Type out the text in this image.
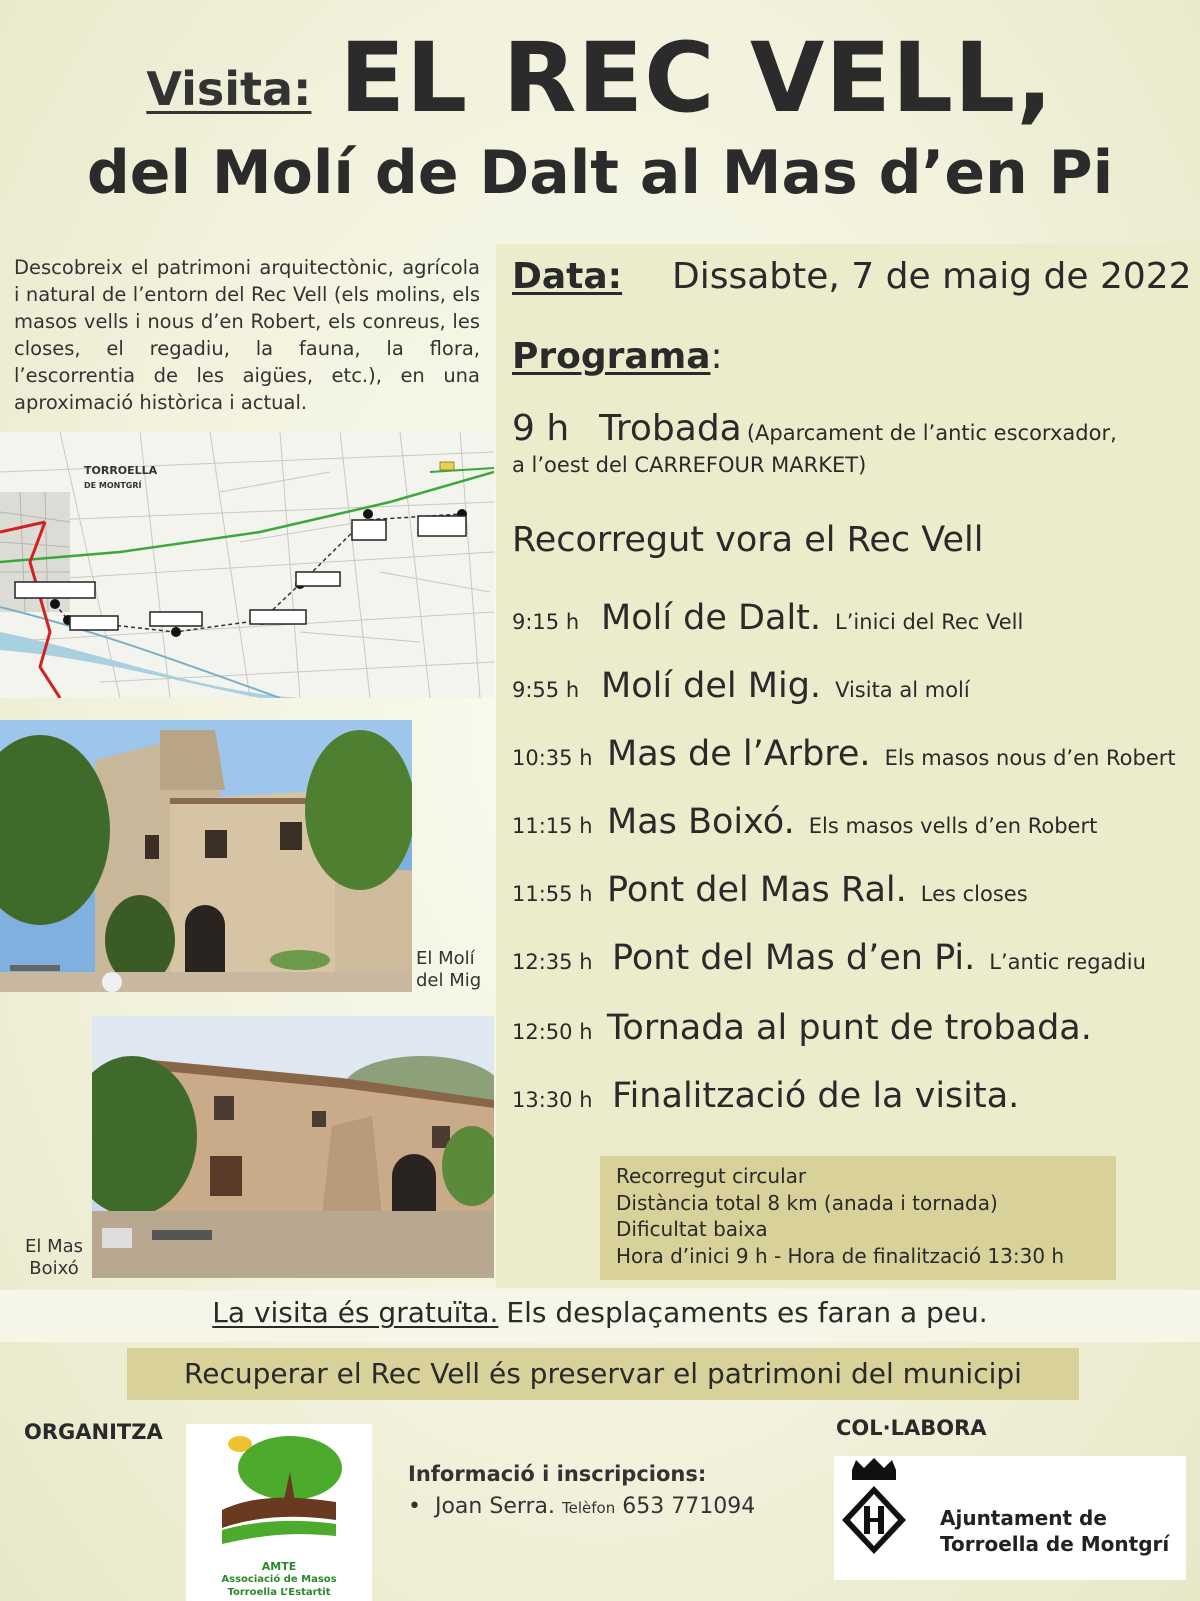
Visita: EL REC VELL,
del Molí de Dalt al Mas d’en Pi
Descobreix el patrimoni arquitectònic, agrícola i natural de l’entorn del Rec Vell (els molins, els masos vells i nous d’en Robert, els conreus, les closes, el regadiu, la fauna, la flora, l’escorrentia de les aigües, etc.), en una aproximació històrica i actual.
TORROELLA
DE MONTGRÍ
El Molí del Mig
El Mas Boixó
Data: Dissabte, 7 de maig de 2022
Programa:
9 h Trobada (Aparcament de l’antic escorxador,
a l’oest del CARREFOUR MARKET)
Recorregut vora el Rec Vell
9:15 h Molí de Dalt. L’inici del Rec Vell
9:55 h Molí del Mig. Visita al molí
10:35 h Mas de l’Arbre. Els masos nous d’en Robert
11:15 h Mas Boixó. Els masos vells d’en Robert
11:55 h Pont del Mas Ral. Les closes
12:35 h Pont del Mas d’en Pi. L’antic regadiu
12:50 h Tornada al punt de trobada.
13:30 h Finalització de la visita.
Recorregut circular
Distància total 8 km (anada i tornada)
Dificultat baixa
Hora d’inici 9 h - Hora de finalització 13:30 h
La visita és gratuïta. Els desplaçaments es faran a peu.
Recuperar el Rec Vell és preservar el patrimoni del municipi
ORGANITZA
AMTE
Associació de Masos
Torroella L’Estartit
Informació i inscripcions:
• Joan Serra. Telèfon 653 771094
COL·LABORA
Ajuntament de
Torroella de Montgrí
